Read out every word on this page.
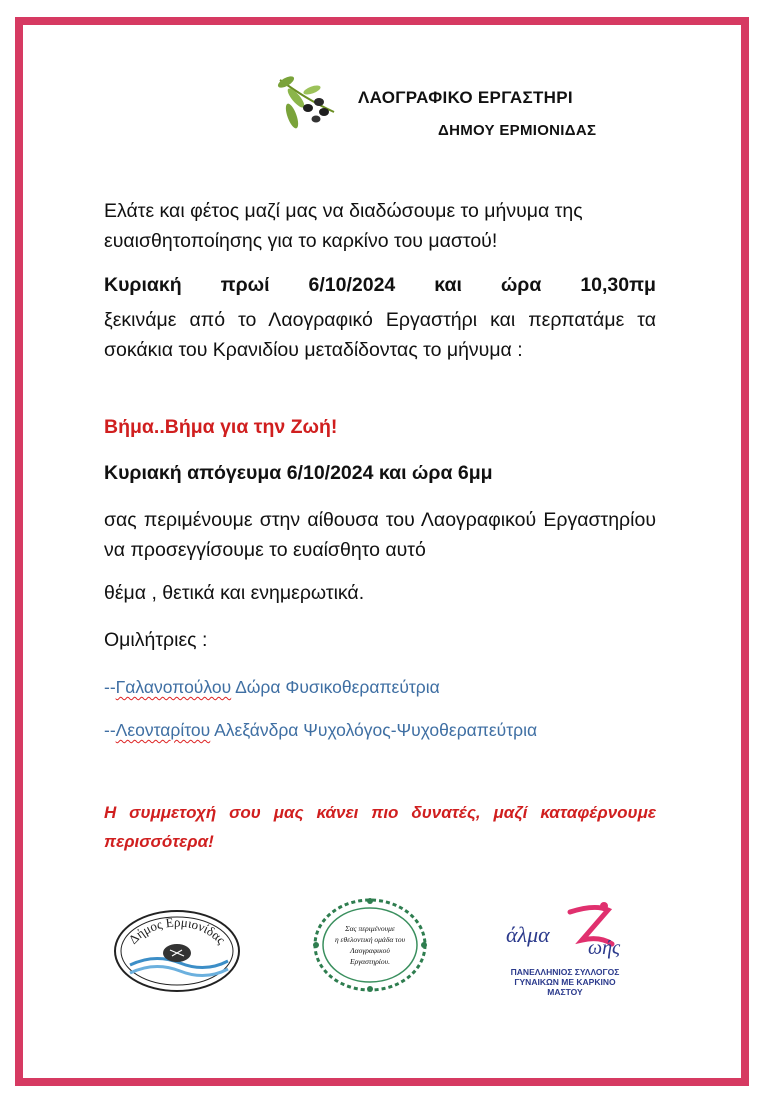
ΛΑΟΓΡΑΦΙΚΟ ΕΡΓΑΣΤΗΡΙ
ΔΗΜΟΥ ΕΡΜΙΟΝΙΔΑΣ
Ελάτε και φέτος μαζί μας να διαδώσουμε το μήνυμα της ευαισθητοποίησης για το καρκίνο του μαστού!
Κυριακή πρωί 6/10/2024 και ώρα 10,30πμ
ξεκινάμε από το Λαογραφικό Εργαστήρι και περπατάμε τα σοκάκια του Κρανιδίου μεταδίδοντας το μήνυμα :
Βήμα..Βήμα για την Ζωή!
Κυριακή απόγευμα 6/10/2024 και ώρα 6μμ
σας περιμένουμε στην αίθουσα του Λαογραφικού Εργαστηρίου να προσεγγίσουμε το ευαίσθητο αυτό
θέμα , θετικά και ενημερωτικά.
Ομιλήτριες :
--Γαλανοπούλου Δώρα Φυσικοθεραπεύτρια
--Λεονταρίτου Αλεξάνδρα Ψυχολόγος-Ψυχοθεραπεύτρια
Η συμμετοχή σου μας κάνει πιο δυνατές, μαζί καταφέρνουμε περισσότερα!
Δήμος Ερμιονίδας
Σας περιμένουμε
η εθελοντική ομάδα του
Λαογραφικού
Εργαστηρίου.
άλμα
ωής
ΠΑΝΕΛΛΗΝΙΟΣ ΣΥΛΛΟΓΟΣ
ΓΥΝΑΙΚΩΝ ΜΕ ΚΑΡΚΙΝΟ ΜΑΣΤΟΥ
